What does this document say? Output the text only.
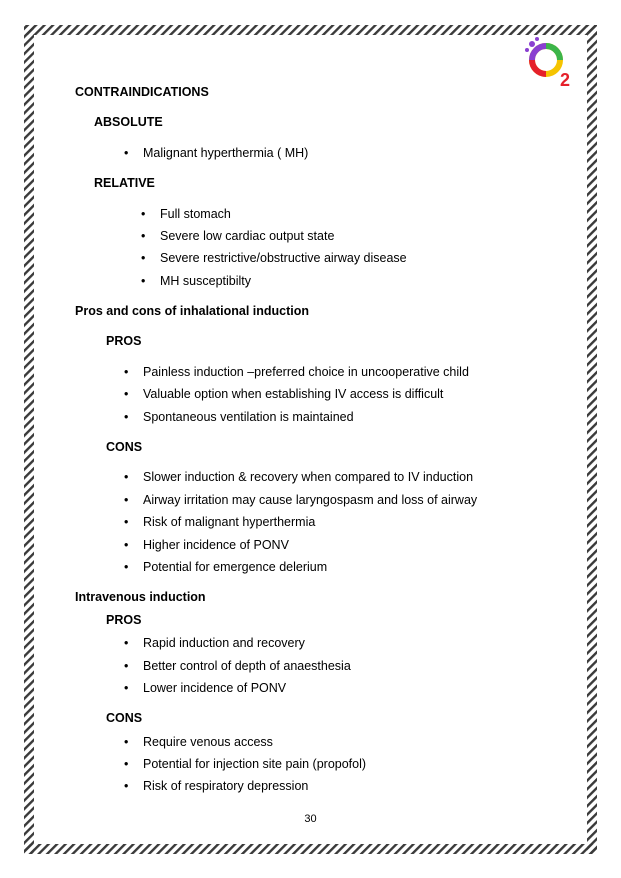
2
CONTRAINDICATIONS
ABSOLUTE
• Malignant hyperthermia ( MH)
RELATIVE
• Full stomach
• Severe low cardiac output state
• Severe restrictive/obstructive airway disease
• MH susceptibilty
Pros and cons of inhalational induction
PROS
• Painless induction –preferred choice in uncooperative child
• Valuable option when establishing IV access is difficult
• Spontaneous ventilation is maintained
CONS
• Slower induction & recovery when compared to IV induction
• Airway irritation may cause laryngospasm and loss of airway
• Risk of malignant hyperthermia
• Higher incidence of PONV
• Potential for emergence delerium
Intravenous induction
PROS
• Rapid induction and recovery
• Better control of depth of anaesthesia
• Lower incidence of PONV
CONS
• Require venous access
• Potential for injection site pain (propofol)
• Risk of respiratory depression
30
